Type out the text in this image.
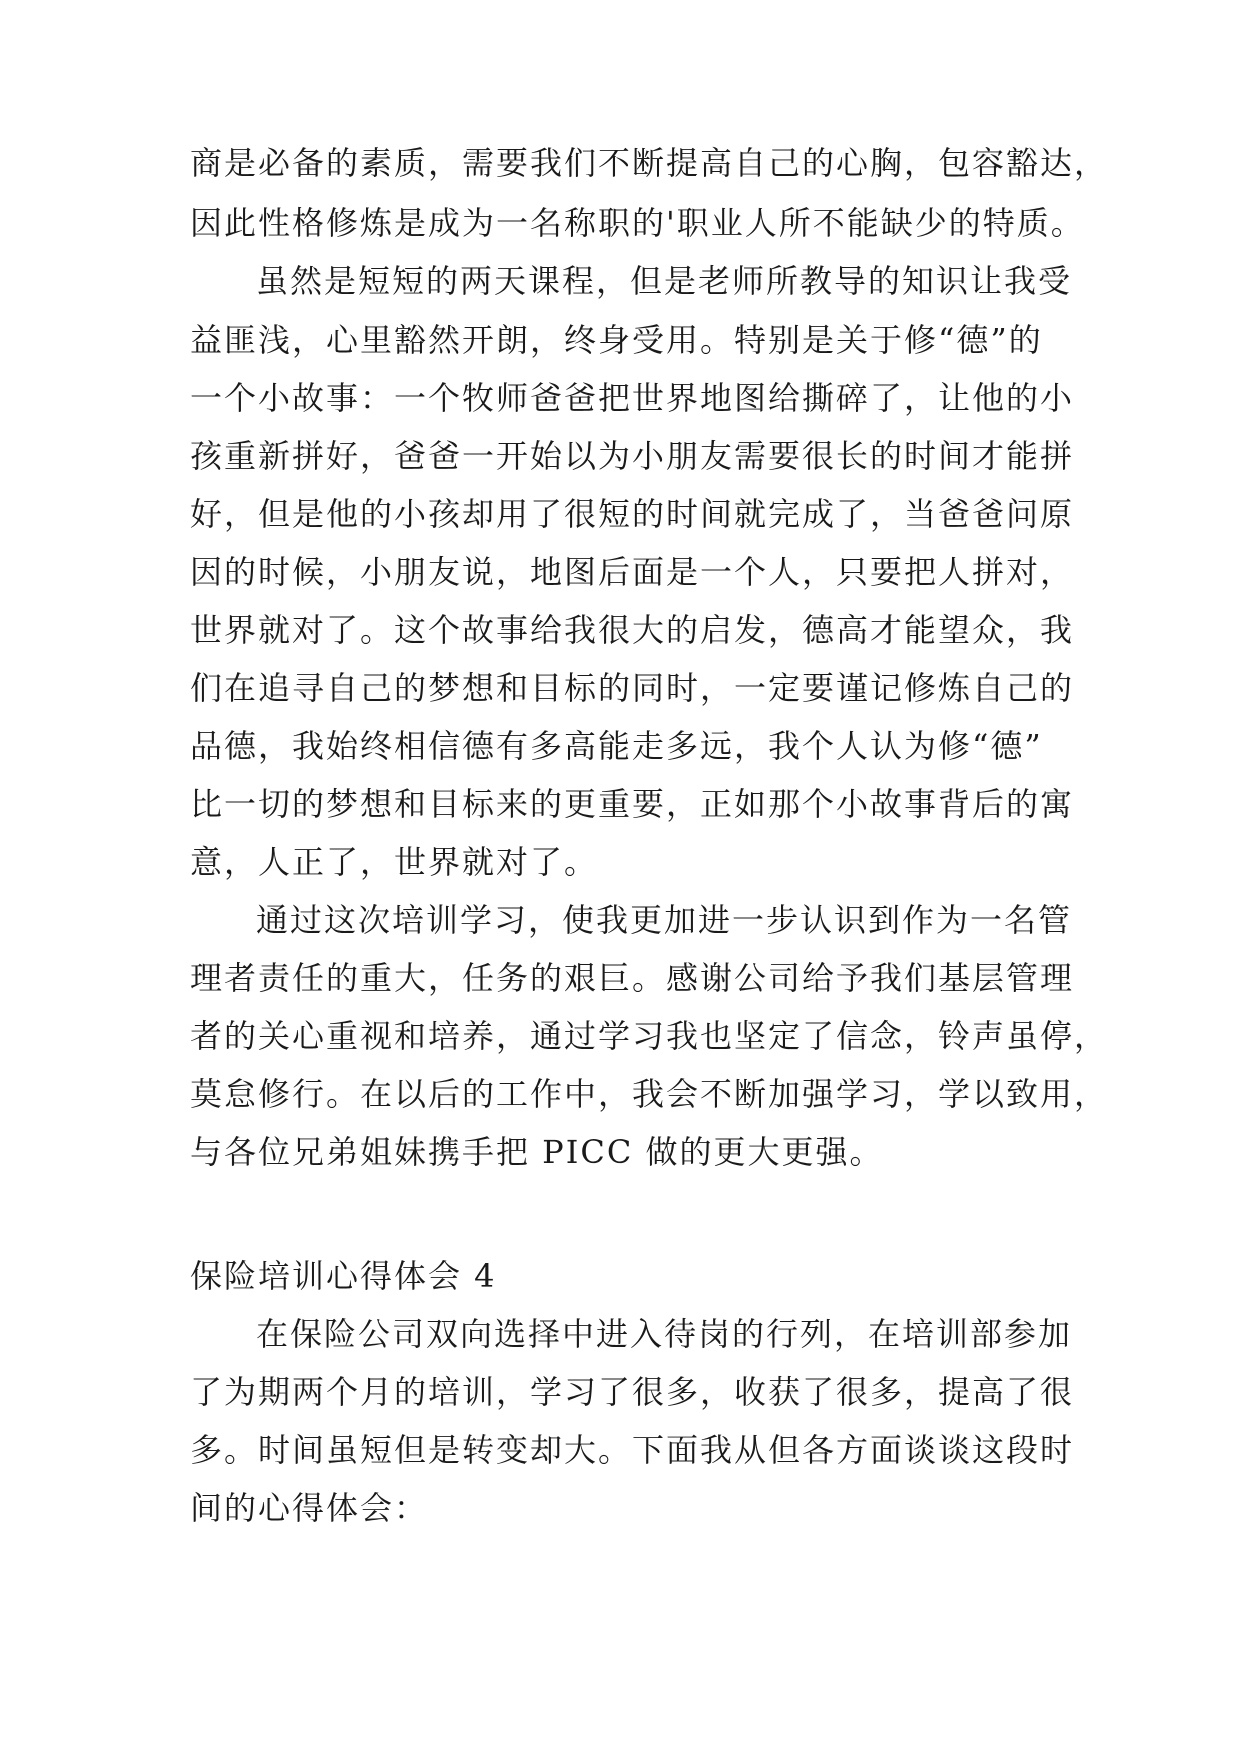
商是必备的素质，需要我们不断提高自己的心胸，包容豁达，
因此性格修炼是成为一名称职的'职业人所不能缺少的特质。
虽然是短短的两天课程，但是老师所教导的知识让我受
益匪浅，心里豁然开朗，终身受用。特别是关于修“德”的
一个小故事：一个牧师爸爸把世界地图给撕碎了，让他的小
孩重新拼好，爸爸一开始以为小朋友需要很长的时间才能拼
好，但是他的小孩却用了很短的时间就完成了，当爸爸问原
因的时候，小朋友说，地图后面是一个人，只要把人拼对，
世界就对了。这个故事给我很大的启发，德高才能望众，我
们在追寻自己的梦想和目标的同时，一定要谨记修炼自己的
品德，我始终相信德有多高能走多远，我个人认为修“德”
比一切的梦想和目标来的更重要，正如那个小故事背后的寓
意，人正了，世界就对了。
通过这次培训学习，使我更加进一步认识到作为一名管
理者责任的重大，任务的艰巨。感谢公司给予我们基层管理
者的关心重视和培养，通过学习我也坚定了信念，铃声虽停，
莫怠修行。在以后的工作中，我会不断加强学习，学以致用，
与各位兄弟姐妹携手把 PICC 做的更大更强。
保险培训心得体会 4
在保险公司双向选择中进入待岗的行列，在培训部参加
了为期两个月的培训，学习了很多，收获了很多，提高了很
多。时间虽短但是转变却大。下面我从但各方面谈谈这段时
间的心得体会：
